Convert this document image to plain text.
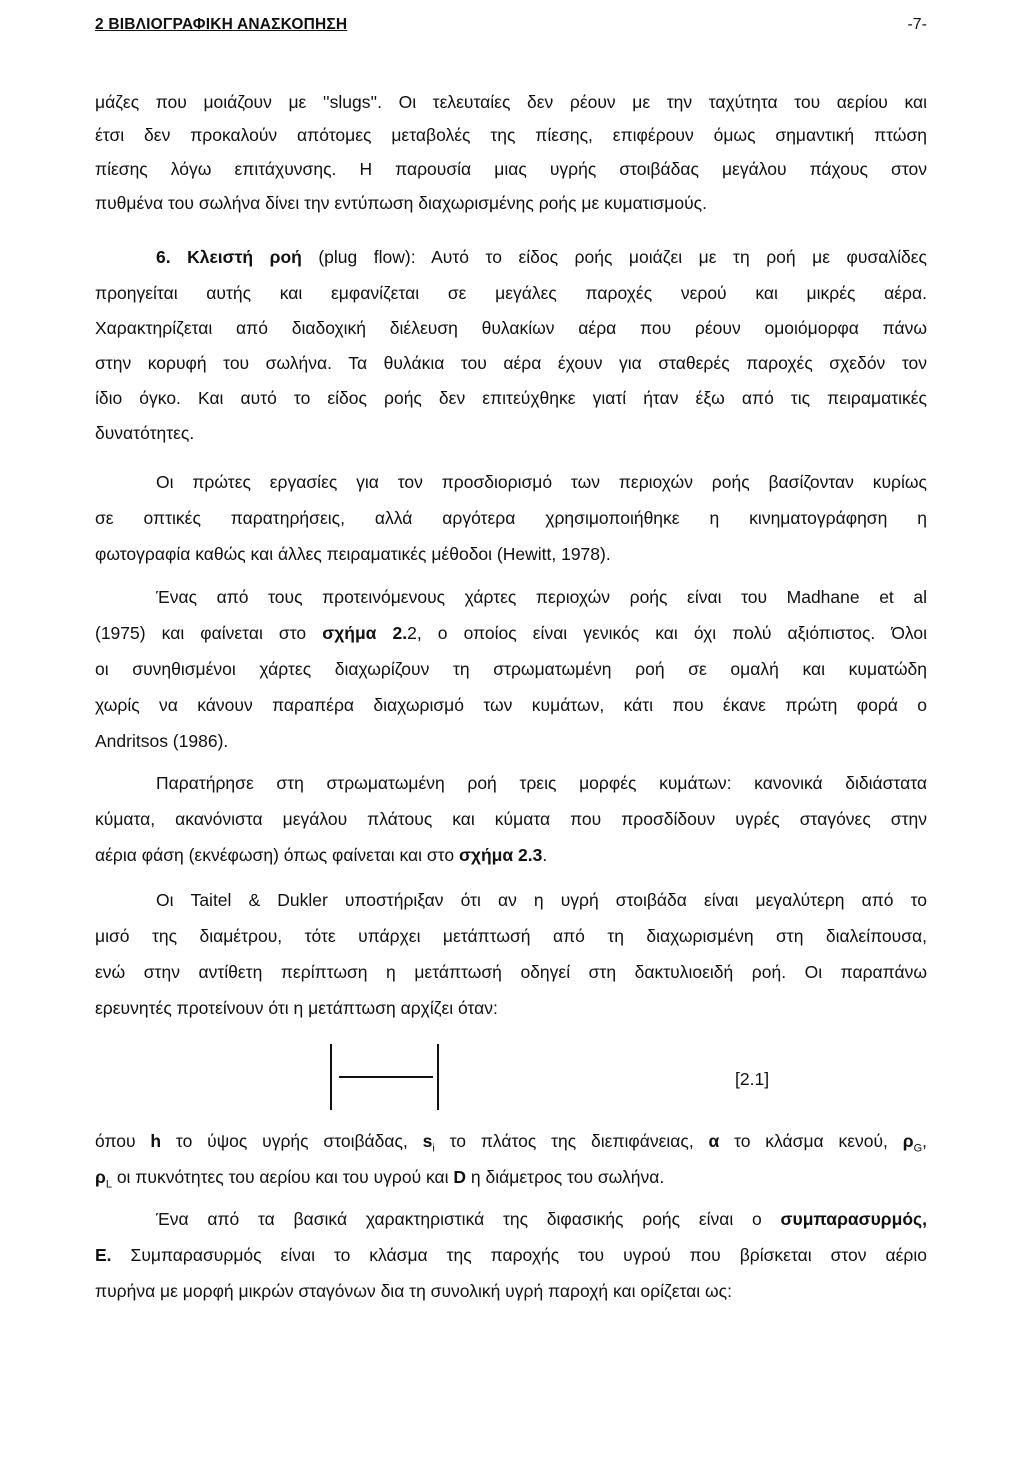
2 ΒΙΒΛΙΟΓΡΑΦΙΚΗ ΑΝΑΣΚΟΠΗΣΗ	-7-
μάζες που μοιάζουν με ''slugs''. Οι τελευταίες δεν ρέουν με την ταχύτητα του αερίου και
έτσι δεν προκαλούν απότομες μεταβολές της πίεσης, επιφέρουν όμως σημαντική πτώση
πίεσης λόγω επιτάχυνσης. Η παρουσία μιας υγρής στοιβάδας μεγάλου πάχους στον
πυθμένα του σωλήνα δίνει την εντύπωση διαχωρισμένης ροής με κυματισμούς.
6. Κλειστή ροή (plug flow): Αυτό το είδος ροής μοιάζει με τη ροή με φυσαλίδες
προηγείται αυτής και εμφανίζεται σε μεγάλες παροχές νερού και μικρές αέρα.
Χαρακτηρίζεται από διαδοχική διέλευση θυλακίων αέρα που ρέουν ομοιόμορφα πάνω
στην κορυφή του σωλήνα. Τα θυλάκια του αέρα έχουν για σταθερές παροχές σχεδόν τον
ίδιο όγκο. Και αυτό το είδος ροής δεν επιτεύχθηκε γιατί ήταν έξω από τις πειραματικές
δυνατότητες.
Οι πρώτες εργασίες για τον προσδιορισμό των περιοχών ροής βασίζονταν κυρίως
σε οπτικές παρατηρήσεις, αλλά αργότερα χρησιμοποιήθηκε η κινηματογράφηση η
φωτογραφία καθώς και άλλες πειραματικές μέθοδοι (Hewitt, 1978).
Ένας από τους προτεινόμενους χάρτες περιοχών ροής είναι του Madhane et al
(1975) και φαίνεται στο σχήμα 2.2, ο οποίος είναι γενικός και όχι πολύ αξιόπιστος. Όλοι
οι συνηθισμένοι χάρτες διαχωρίζουν τη στρωματωμένη ροή σε ομαλή και κυματώδη
χωρίς να κάνουν παραπέρα διαχωρισμό των κυμάτων, κάτι που έκανε πρώτη φορά ο
Andritsos (1986).
Παρατήρησε στη στρωματωμένη ροή τρεις μορφές κυμάτων: κανονικά διδιάστατα
κύματα, ακανόνιστα μεγάλου πλάτους και κύματα που προσδίδουν υγρές σταγόνες στην
αέρια φάση (εκνέφωση) όπως φαίνεται και στο σχήμα 2.3.
Οι Taitel & Dukler υποστήριξαν ότι αν η υγρή στοιβάδα είναι μεγαλύτερη από το
μισό της διαμέτρου, τότε υπάρχει μετάπτωσή από τη διαχωρισμένη στη διαλείπουσα,
ενώ στην αντίθετη περίπτωση η μετάπτωσή οδηγεί στη δακτυλιοειδή ροή. Οι παραπάνω
ερευνητές προτείνουν ότι η μετάπτωση αρχίζει όταν:
[2.1]
όπου h το ύψος υγρής στοιβάδας, $s_i$ το πλάτος της διεπιφάνειας, α το κλάσμα κενού, $\rho_G$,
$\rho_L$ οι πυκνότητες του αερίου και του υγρού και D η διάμετρος του σωλήνα.
Ένα από τα βασικά χαρακτηριστικά της διφασικής ροής είναι ο συμπαρασυρμός,
E. Συμπαρασυρμός είναι το κλάσμα της παροχής του υγρού που βρίσκεται στον αέριο
πυρήνα με μορφή μικρών σταγόνων δια τη συνολική υγρή παροχή και ορίζεται ως:
